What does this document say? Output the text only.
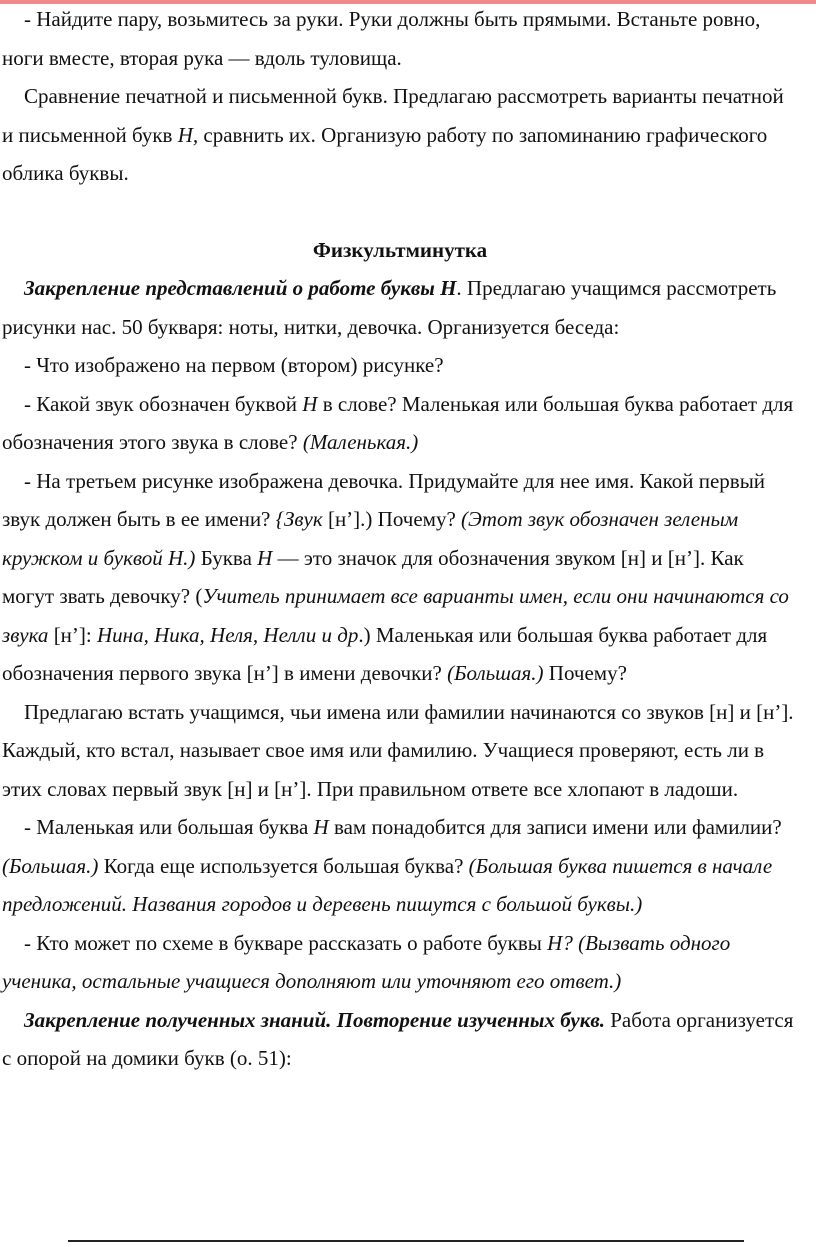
- Найдите пару, возьмитесь за руки. Руки должны быть прямыми. Встаньте ровно, ноги вместе, вторая рука — вдоль туловища.

Сравнение печатной и письменной букв. Предлагаю рассмотреть варианты печатной и письменной букв Н, сравнить их. Организую работу по запоминанию графического облика буквы.

Физкультминутка

Закрепление представлений о работе буквы Н. Предлагаю учащимся рассмотреть рисунки нас. 50 букваря: ноты, нитки, девочка. Организуется беседа:

- Что изображено на первом (втором) рисунке?

- Какой звук обозначен буквой Н в слове? Маленькая или большая буква работает для обозначения этого звука в слове? (Маленькая.)

- На третьем рисунке изображена девочка. Придумайте для нее имя. Какой первый звук должен быть в ее имени? {Звук [н’].) Почему? (Этот звук обозначен зеленым кружком и буквой Н.) Буква Н — это значок для обозначения звуком [н] и [н’]. Как могут звать девочку? (Учитель принимает все варианты имен, если они начинаются со звука [н’]: Нина, Ника, Неля, Нелли и др.) Маленькая или большая буква работает для обозначения первого звука [н’] в имени девочки? (Большая.) Почему?

Предлагаю встать учащимся, чьи имена или фамилии начинаются со звуков [н] и [н’]. Каждый, кто встал, называет свое имя или фамилию. Учащиеся проверяют, есть ли в этих словах первый звук [н] и [н’]. При правильном ответе все хлопают в ладоши.

- Маленькая или большая буква Н вам понадобится для записи имени или фамилии? (Большая.) Когда еще используется большая буква? (Большая буква пишется в начале предложений. Названия городов и деревень пишутся с большой буквы.)

- Кто может по схеме в букваре рассказать о работе буквы Н? (Вызвать одного ученика, остальные учащиеся дополняют или уточняют его ответ.)

Закрепление полученных знаний. Повторение изученных букв. Работа организуется с опорой на домики букв (о. 51):
